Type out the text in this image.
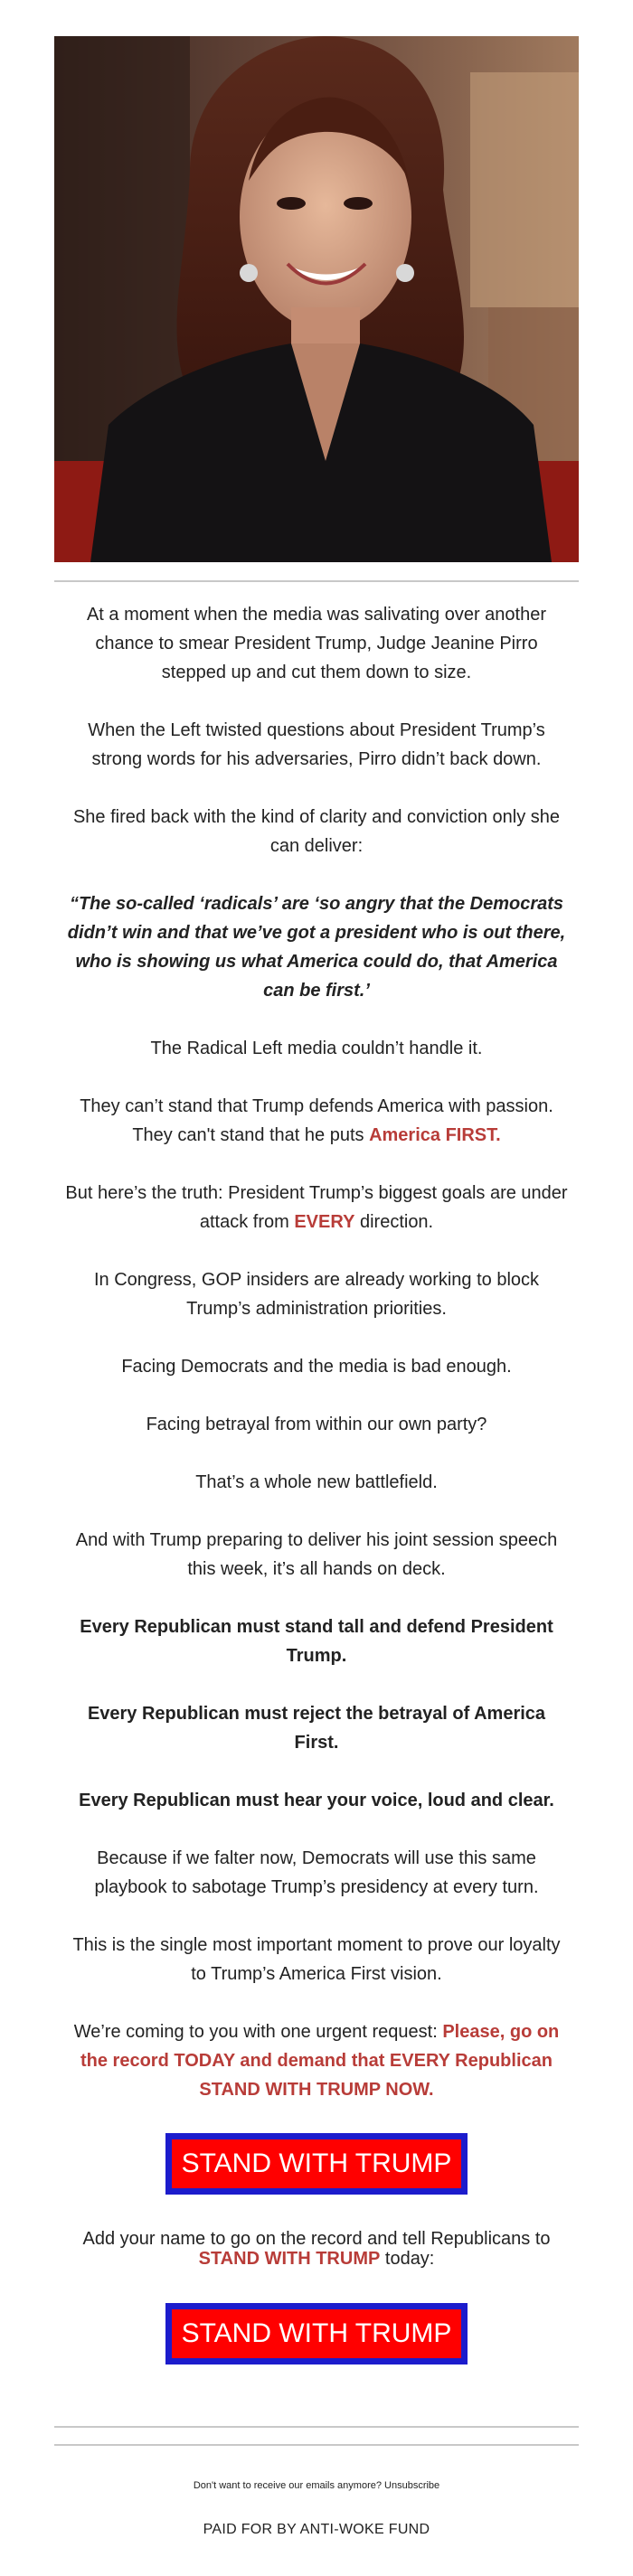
At a moment when the media was salivating over another chance to smear President Trump, Judge Jeanine Pirro stepped up and cut them down to size.

When the Left twisted questions about President Trump’s strong words for his adversaries, Pirro didn’t back down.

She fired back with the kind of clarity and conviction only she can deliver:

“The so-called ‘radicals’ are ‘so angry that the Democrats didn’t win and that we’ve got a president who is out there, who is showing us what America could do, that America can be first.’

The Radical Left media couldn’t handle it.

They can’t stand that Trump defends America with passion. They can't stand that he puts America FIRST.

But here’s the truth: President Trump’s biggest goals are under attack from EVERY direction.

In Congress, GOP insiders are already working to block Trump’s administration priorities.

Facing Democrats and the media is bad enough.

Facing betrayal from within our own party?

That’s a whole new battlefield.

And with Trump preparing to deliver his joint session speech this week, it’s all hands on deck.

Every Republican must stand tall and defend President Trump.

Every Republican must reject the betrayal of America First.

Every Republican must hear your voice, loud and clear.

Because if we falter now, Democrats will use this same playbook to sabotage Trump’s presidency at every turn.

This is the single most important moment to prove our loyalty to Trump’s America First vision.

We’re coming to you with one urgent request: Please, go on the record TODAY and demand that EVERY Republican STAND WITH TRUMP NOW.

STAND WITH TRUMP

Add your name to go on the record and tell Republicans to
STAND WITH TRUMP today:

STAND WITH TRUMP

Don't want to receive our emails anymore? Unsubscribe

PAID FOR BY ANTI-WOKE FUND
